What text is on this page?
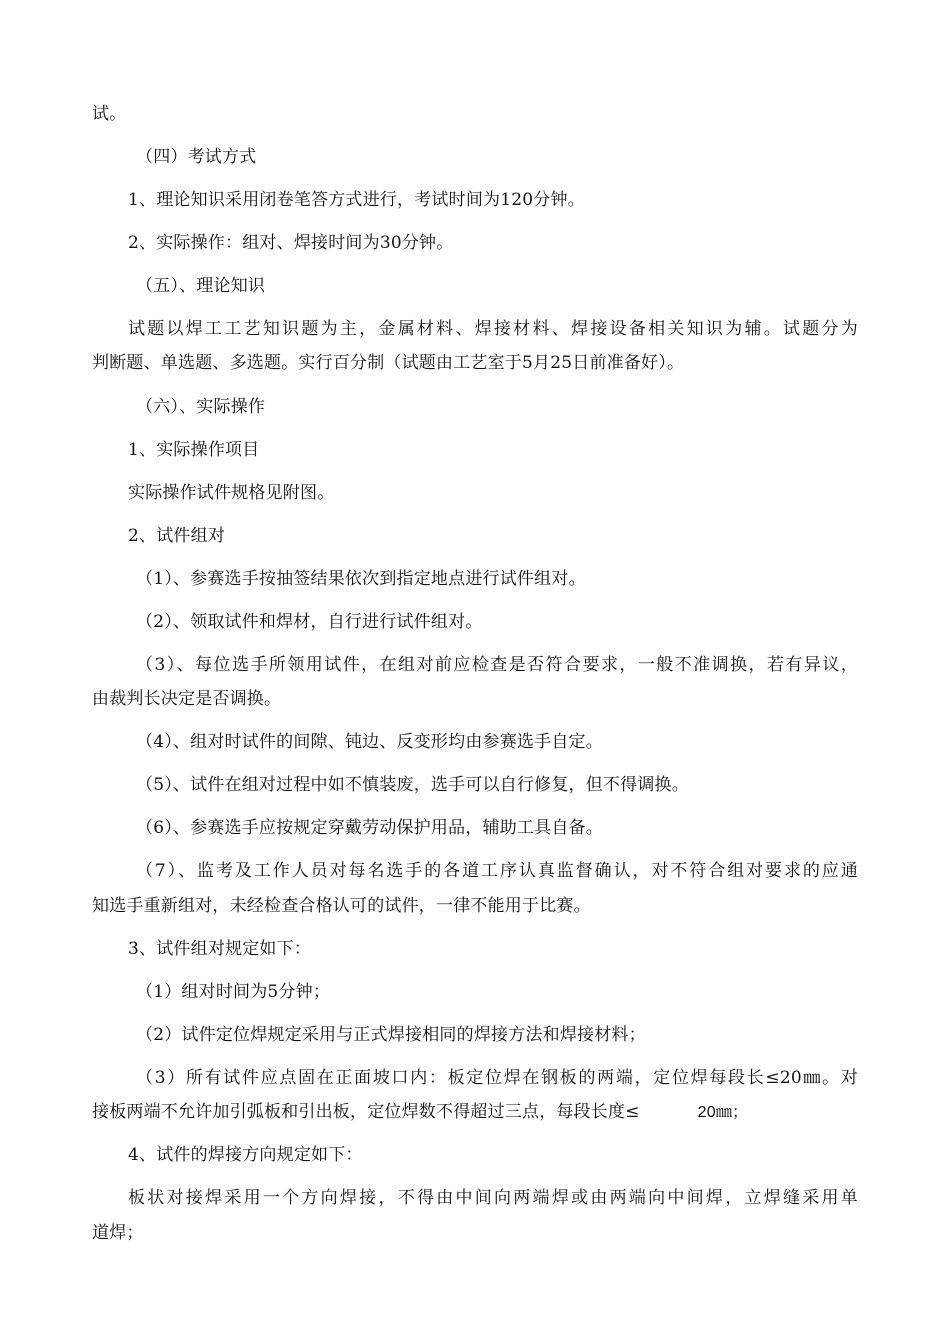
试。
（四）考试方式
1、理论知识采用闭卷笔答方式进行，考试时间为120分钟。
2、实际操作：组对、焊接时间为30分钟。
（五）、理论知识
试题以焊工工艺知识题为主，金属材料、焊接材料、焊接设备相关知识为辅。试题分为
判断题、单选题、多选题。实行百分制（试题由工艺室于5月25日前准备好）。
（六）、实际操作
1、实际操作项目
实际操作试件规格见附图。
2、试件组对
（1）、参赛选手按抽签结果依次到指定地点进行试件组对。
（2）、领取试件和焊材，自行进行试件组对。
（3）、每位选手所领用试件，在组对前应检查是否符合要求，一般不准调换，若有异议，
由裁判长决定是否调换。
（4）、组对时试件的间隙、钝边、反变形均由参赛选手自定。
（5）、试件在组对过程中如不慎装废，选手可以自行修复，但不得调换。
（6）、参赛选手应按规定穿戴劳动保护用品，辅助工具自备。
（7）、监考及工作人员对每名选手的各道工序认真监督确认，对不符合组对要求的应通
知选手重新组对，未经检查合格认可的试件，一律不能用于比赛。
3、试件组对规定如下：
（1）组对时间为5分钟；
（2）试件定位焊规定采用与正式焊接相同的焊接方法和焊接材料；
（3）所有试件应点固在正面坡口内：板定位焊在钢板的两端，定位焊每段长≤20㎜。对
接板两端不允许加引弧板和引出板，定位焊数不得超过三点，每段长度≤	20㎜；
4、试件的焊接方向规定如下：
板状对接焊采用一个方向焊接，不得由中间向两端焊或由两端向中间焊，立焊缝采用单
道焊；
